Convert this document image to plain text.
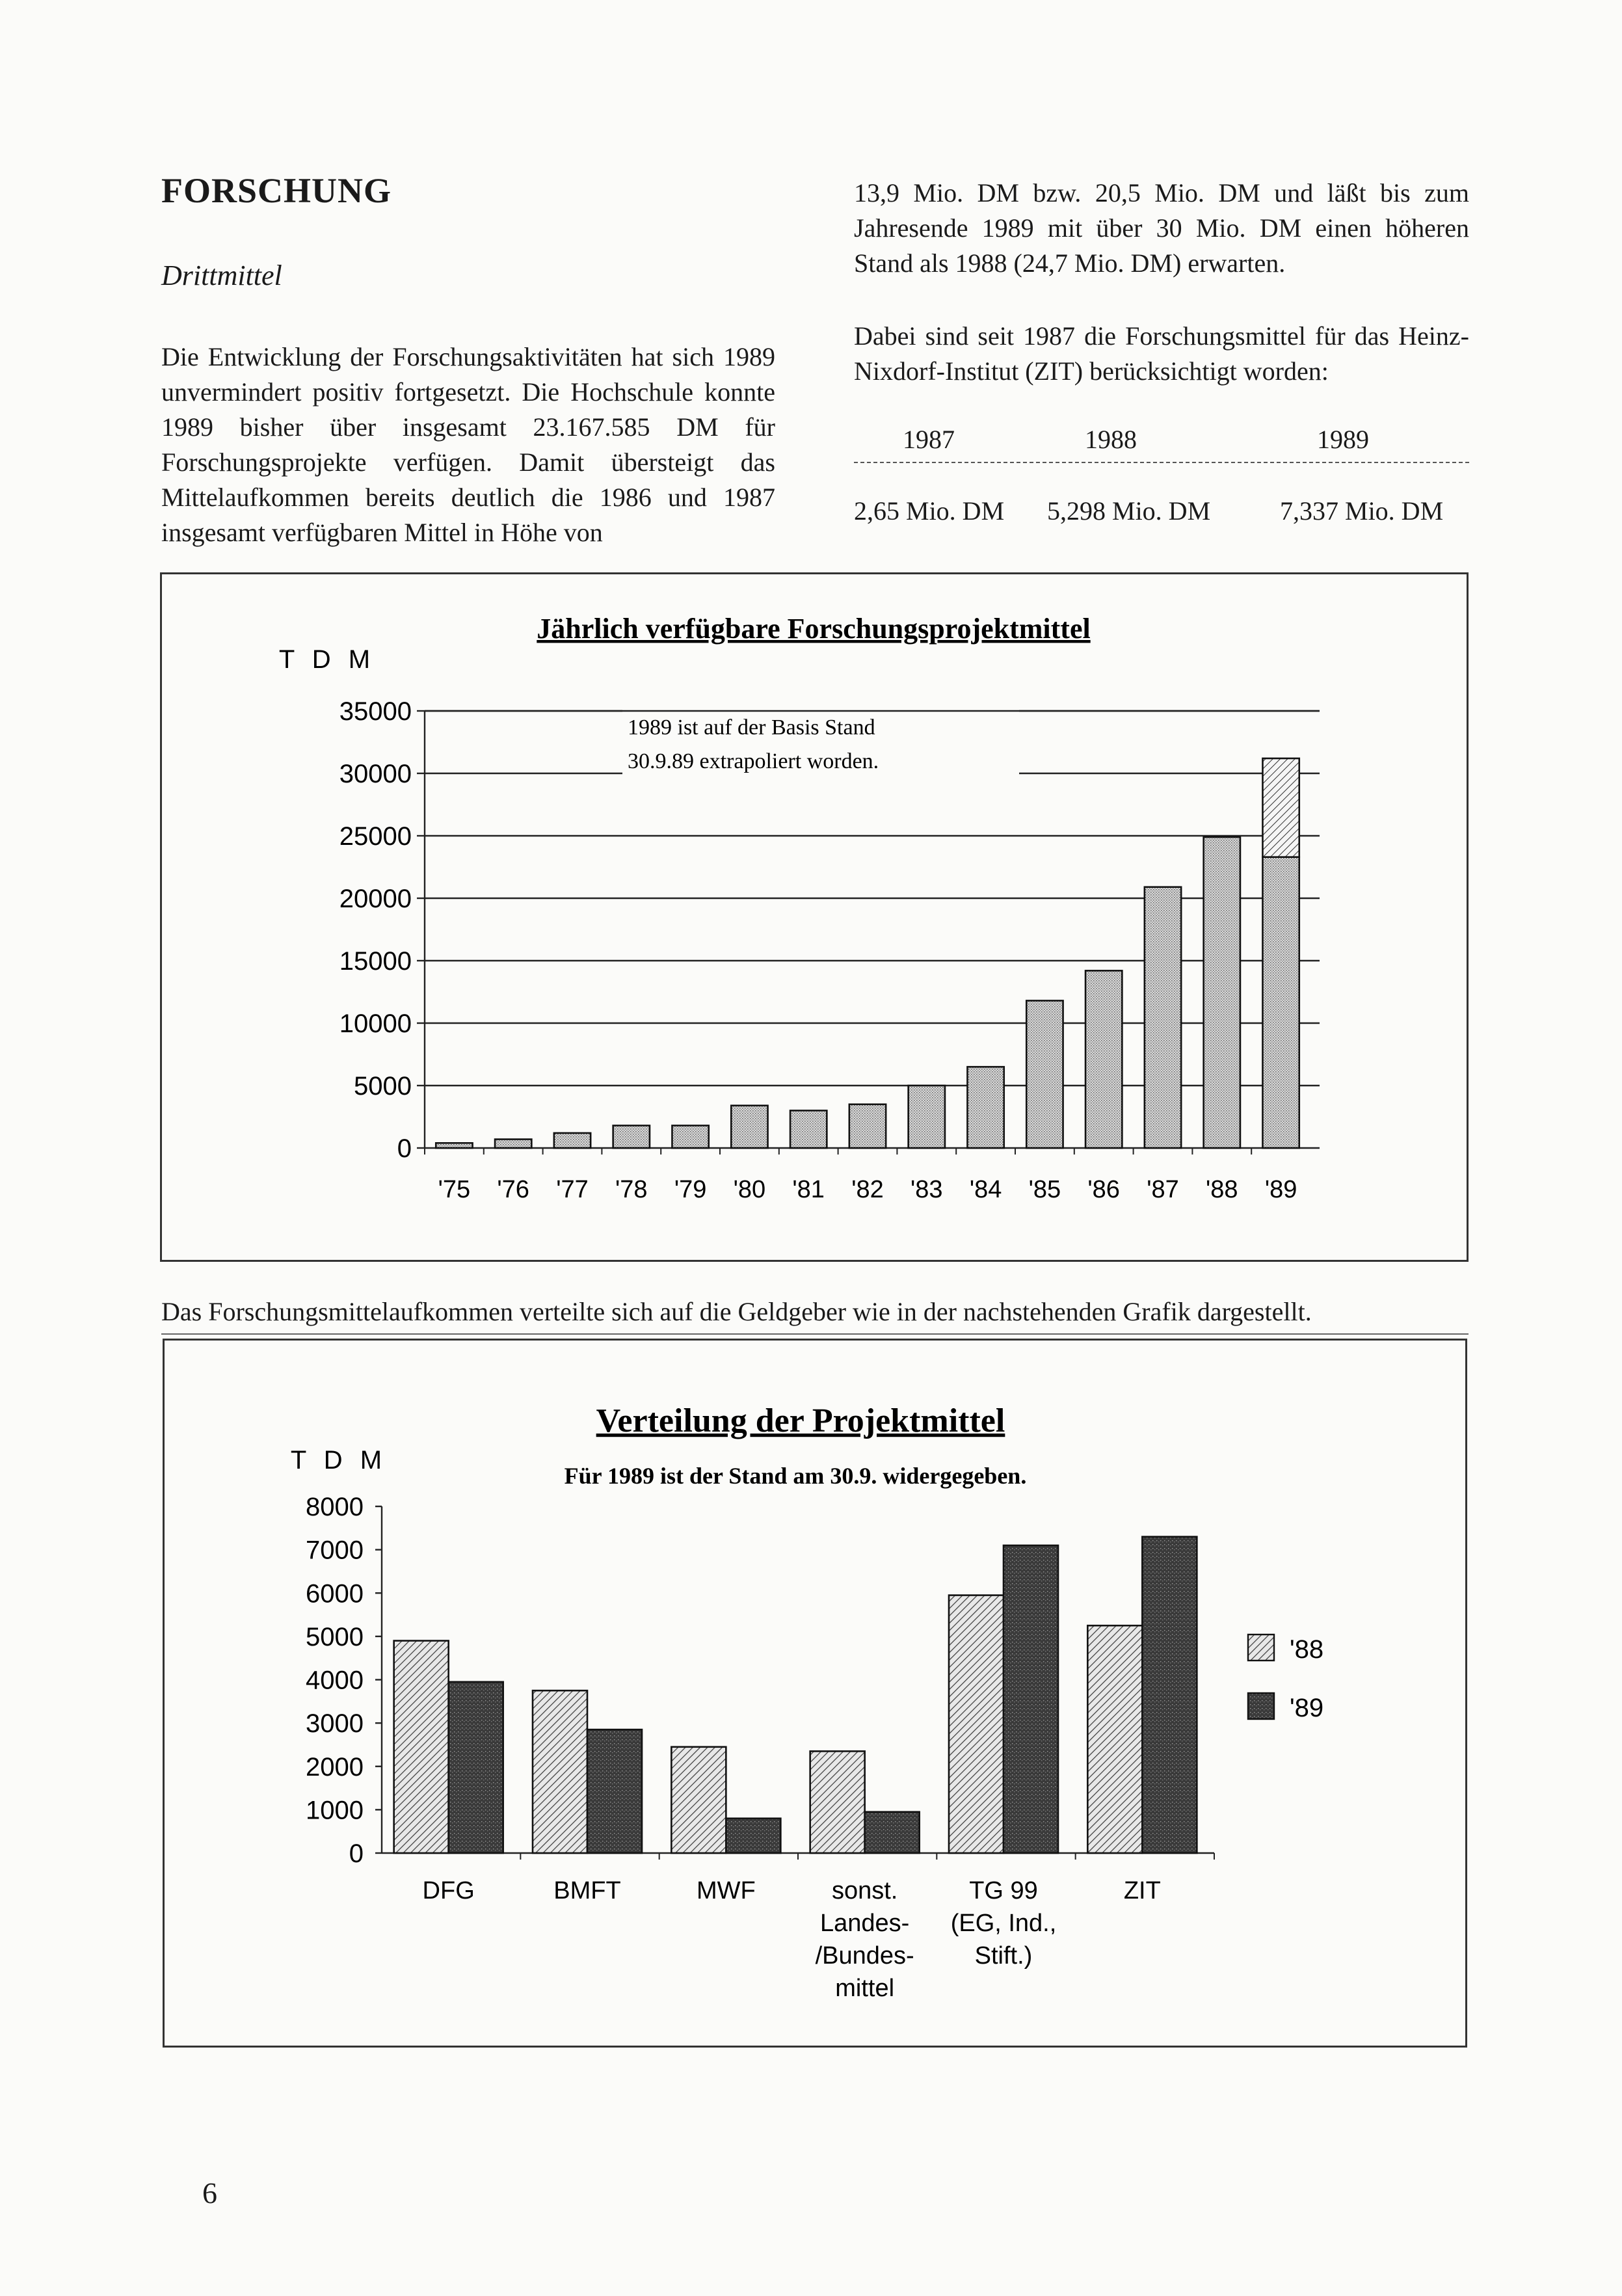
FORSCHUNG
Drittmittel

Die Entwicklung der Forschungsaktivitäten hat sich 1989 unvermindert positiv fortgesetzt. Die Hochschule konnte 1989 bisher über insgesamt 23.167.585 DM für Forschungsprojekte verfügen. Damit übersteigt das Mittelaufkommen bereits deutlich die 1986 und 1987 insgesamt verfügbaren Mittel in Höhe von

13,9 Mio. DM bzw. 20,5 Mio. DM und läßt bis zum Jahresende 1989 mit über 30 Mio. DM einen höheren Stand als 1988 (24,7 Mio. DM) erwarten.

Dabei sind seit 1987 die Forschungsmittel für das Heinz-Nixdorf-Institut (ZIT) berücksichtigt worden:

1987	1988	1989
2,65 Mio. DM 5,298 Mio. DM	7,337 Mio. DM
Jährlich verfügbare Forschungsprojektmittel
T D M
0
5000
10000
15000
20000
25000
30000
35000
'75 '76 '77 '78 '79 '80 '81 '82 '83 '84 '85 '86 '87 '88 '89
1989 ist auf der Basis Stand
30.9.89 extrapoliert worden.
Das Forschungsmittelaufkommen verteilte sich auf die Geldgeber wie in der nachstehenden Grafik dargestellt.
Verteilung der Projektmittel
Für 1989 ist der Stand am 30.9. widergegeben.
T D M
0
1000
2000
3000
4000
5000
6000
7000
8000
DFG	BMFT	MWF	sonst.
Landes-
/Bundes-
mittel
TG 99
(EG, Ind.,
Stift.)
ZIT
'88
'89
6
